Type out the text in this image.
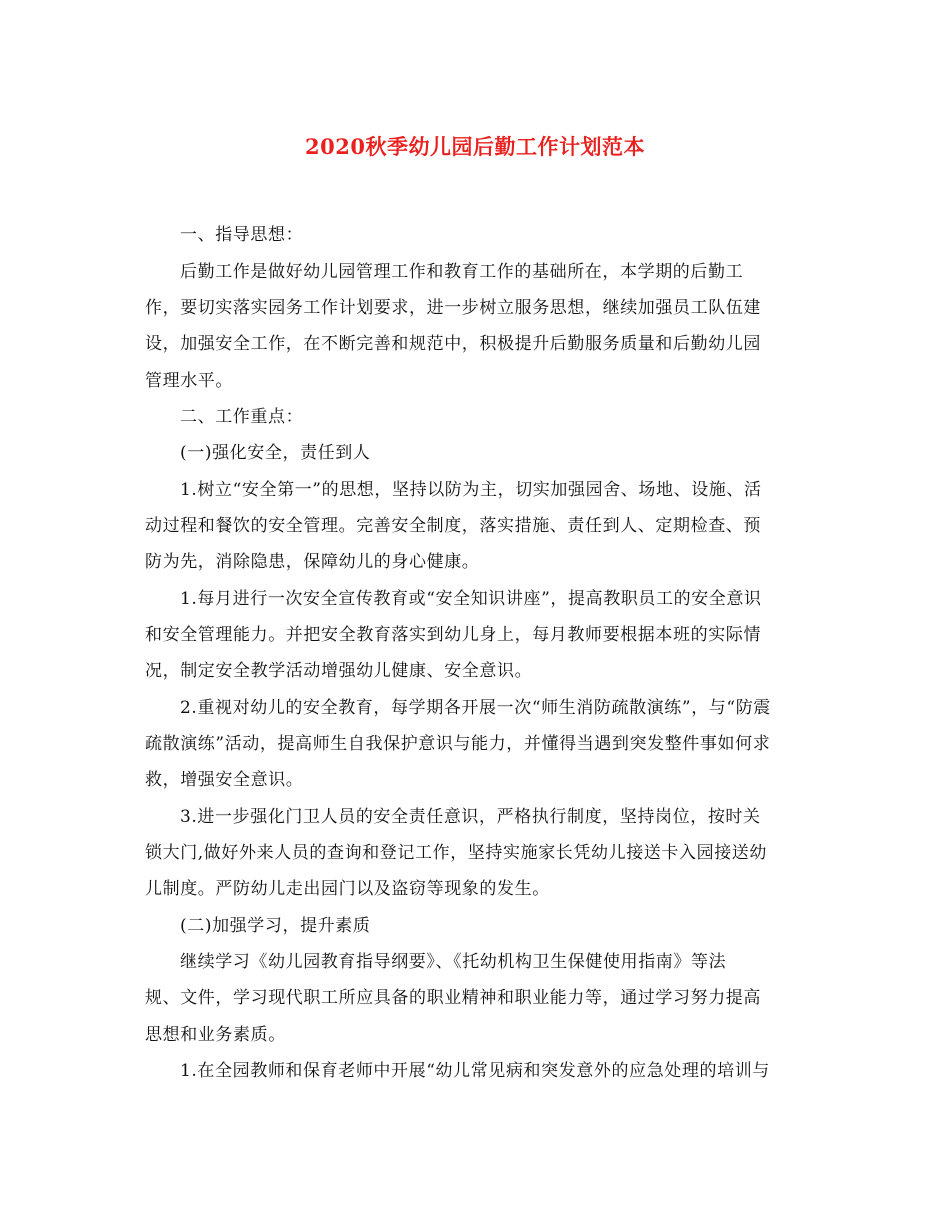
2020秋季幼儿园后勤工作计划范本
一、指导思想：
后勤工作是做好幼儿园管理工作和教育工作的基础所在，本学期的后勤工
作，要切实落实园务工作计划要求，进一步树立服务思想，继续加强员工队伍建
设，加强安全工作，在不断完善和规范中，积极提升后勤服务质量和后勤幼儿园
管理水平。
二、工作重点：
(一)强化安全，责任到人
1.树立“安全第一”的思想，坚持以防为主，切实加强园舍、场地、设施、活
动过程和餐饮的安全管理。完善安全制度，落实措施、责任到人、定期检查、预
防为先，消除隐患，保障幼儿的身心健康。
1.每月进行一次安全宣传教育或“安全知识讲座”，提高教职员工的安全意识
和安全管理能力。并把安全教育落实到幼儿身上，每月教师要根据本班的实际情
况，制定安全教学活动增强幼儿健康、安全意识。
2.重视对幼儿的安全教育，每学期各开展一次“师生消防疏散演练”，与“防震
疏散演练”活动，提高师生自我保护意识与能力，并懂得当遇到突发整件事如何求
救，增强安全意识。
3.进一步强化门卫人员的安全责任意识，严格执行制度，坚持岗位，按时关
锁大门,做好外来人员的查询和登记工作，坚持实施家长凭幼儿接送卡入园接送幼
儿制度。严防幼儿走出园门以及盗窃等现象的发生。
(二)加强学习，提升素质
继续学习《幼儿园教育指导纲要》、《托幼机构卫生保健使用指南》等法
规、文件，学习现代职工所应具备的职业精神和职业能力等，通过学习努力提高
思想和业务素质。
1.在全园教师和保育老师中开展“幼儿常见病和突发意外的应急处理的培训与
